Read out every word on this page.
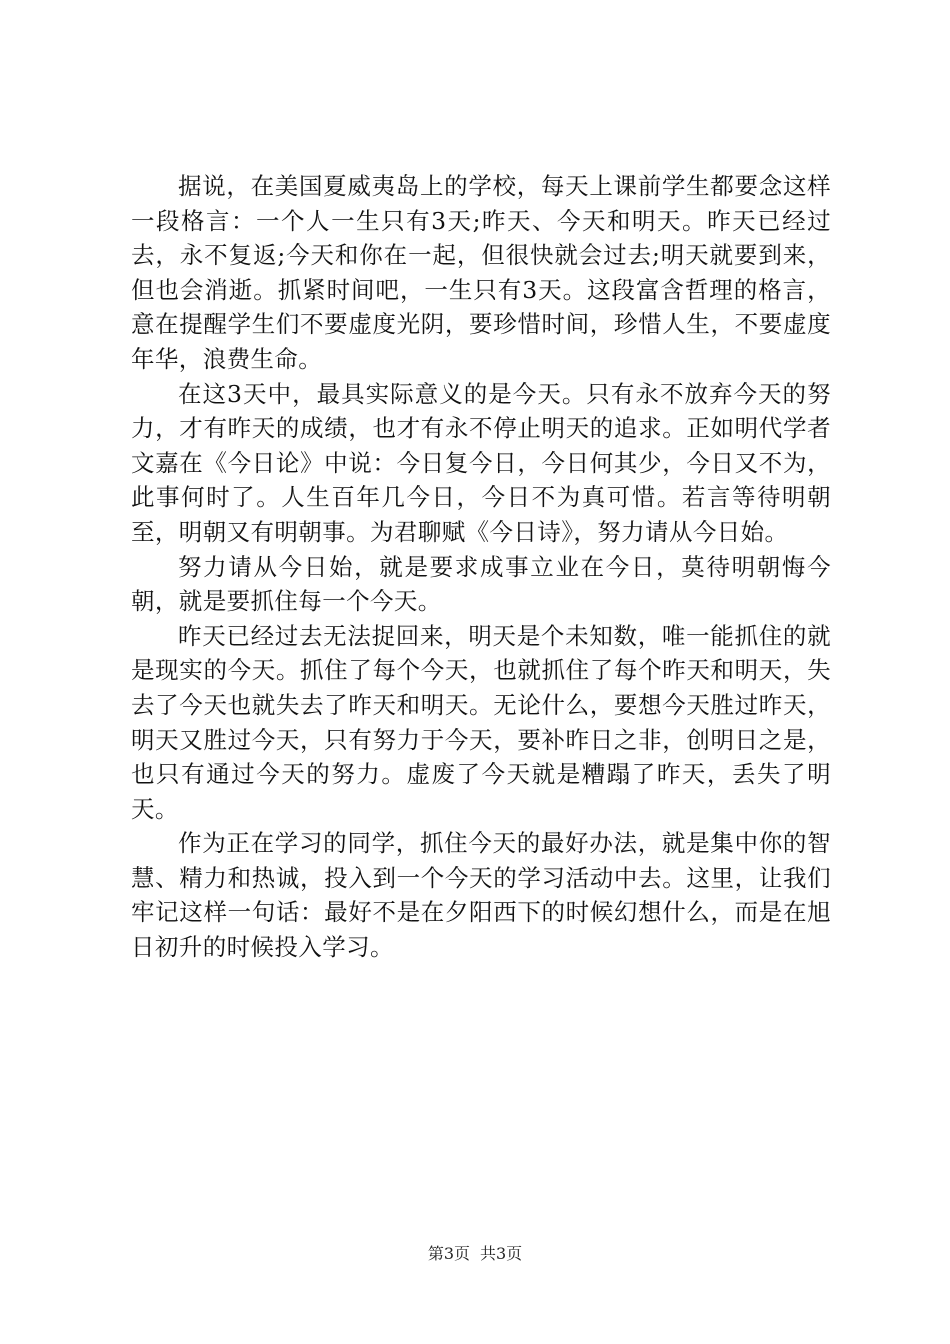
据说，在美国夏威夷岛上的学校，每天上课前学生都要念这样一段格言：一个人一生只有3天;昨天、今天和明天。昨天已经过去，永不复返;今天和你在一起，但很快就会过去;明天就要到来，但也会消逝。抓紧时间吧，一生只有3天。这段富含哲理的格言，意在提醒学生们不要虚度光阴，要珍惜时间，珍惜人生，不要虚度年华，浪费生命。

在这3天中，最具实际意义的是今天。只有永不放弃今天的努力，才有昨天的成绩，也才有永不停止明天的追求。正如明代学者文嘉在《今日论》中说：今日复今日，今日何其少，今日又不为，此事何时了。人生百年几今日，今日不为真可惜。若言等待明朝至，明朝又有明朝事。为君聊赋《今日诗》，努力请从今日始。

努力请从今日始，就是要求成事立业在今日，莫待明朝悔今朝，就是要抓住每一个今天。

昨天已经过去无法捉回来，明天是个未知数，唯一能抓住的就是现实的今天。抓住了每个今天，也就抓住了每个昨天和明天，失去了今天也就失去了昨天和明天。无论什么，要想今天胜过昨天，明天又胜过今天，只有努力于今天，要补昨日之非，创明日之是，也只有通过今天的努力。虚废了今天就是糟蹋了昨天，丢失了明天。

作为正在学习的同学，抓住今天的最好办法，就是集中你的智慧、精力和热诚，投入到一个今天的学习活动中去。这里，让我们牢记这样一句话：最好不是在夕阳西下的时候幻想什么，而是在旭日初升的时候投入学习。

第3页 共3页
